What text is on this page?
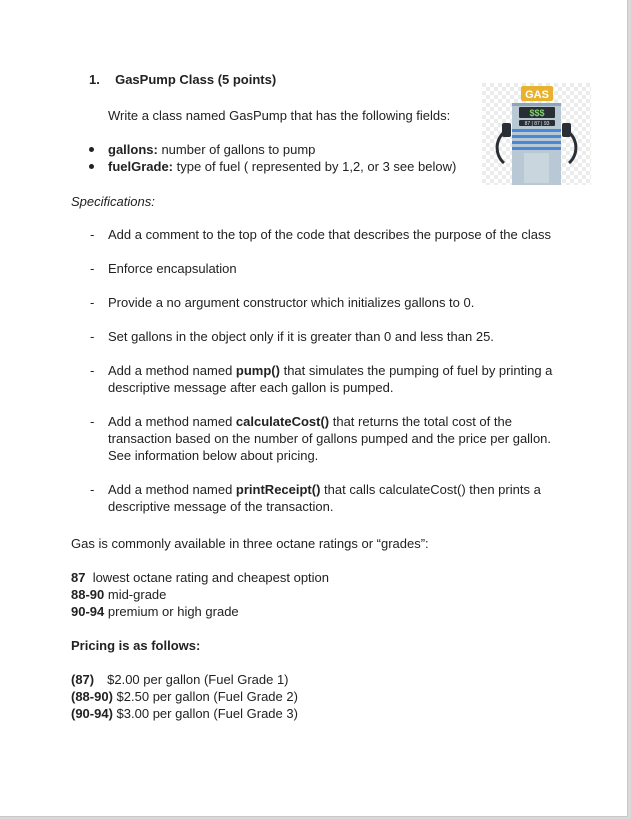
1. GasPump Class (5 points)
Write a class named GasPump that has the following fields:
gallons: number of gallons to pump
fuelGrade: type of fuel ( represented by 1,2, or 3 see below)
GAS
$$$
87 | 87 | 93
Specifications:
- Add a comment to the top of the code that describes the purpose of the class
- Enforce encapsulation
- Provide a no argument constructor which initializes gallons to 0.
- Set gallons in the object only if it is greater than 0 and less than 25.
- Add a method named pump() that simulates the pumping of fuel by printing a
descriptive message after each gallon is pumped.
- Add a method named calculateCost() that returns the total cost of the
transaction based on the number of gallons pumped and the price per gallon.
See information below about pricing.
- Add a method named printReceipt() that calls calculateCost() then prints a
descriptive message of the transaction.
Gas is commonly available in three octane ratings or “grades”:
87  lowest octane rating and cheapest option
88-90 mid-grade
90-94 premium or high grade
Pricing is as follows:
(87) $2.00 per gallon (Fuel Grade 1)
(88-90) $2.50 per gallon (Fuel Grade 2)
(90-94) $3.00 per gallon (Fuel Grade 3)
